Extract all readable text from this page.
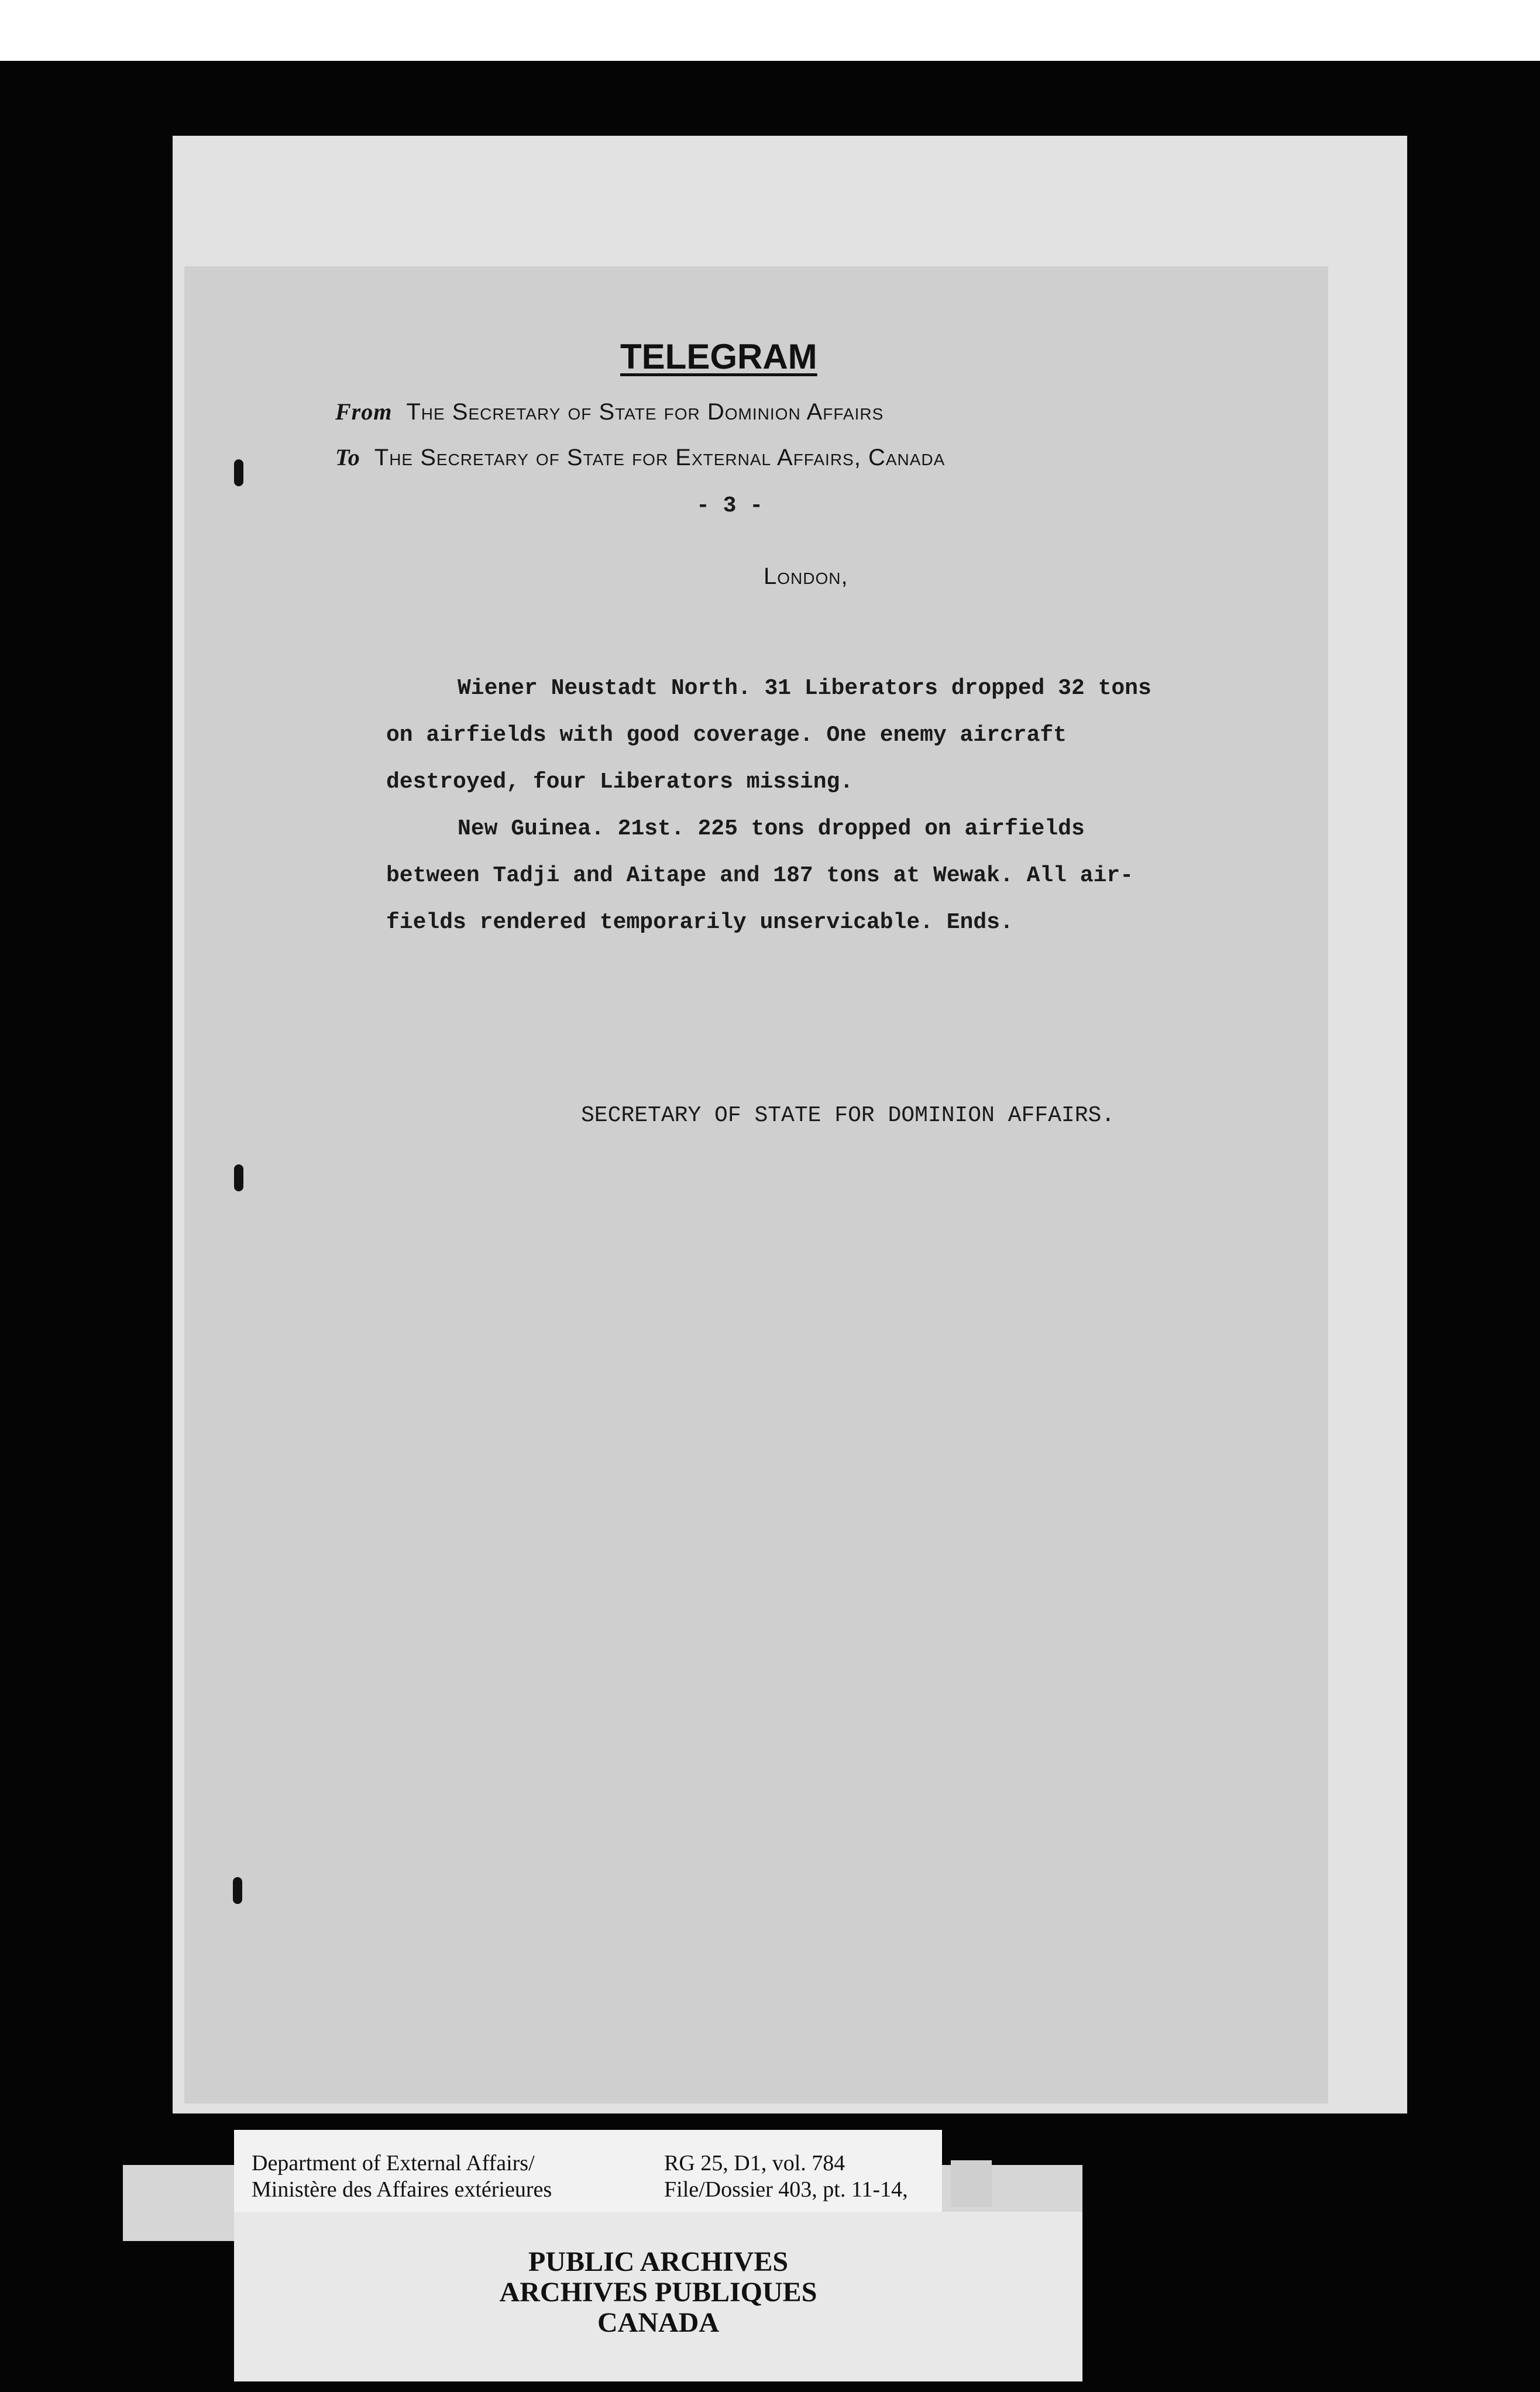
TELEGRAM
From The Secretary of State for Dominion Affairs
To The Secretary of State for External Affairs, Canada
- 3 -
London,
Wiener Neustadt North. 31 Liberators dropped 32 tons
on airfields with good coverage. One enemy aircraft
destroyed, four Liberators missing.
New Guinea. 21st. 225 tons dropped on airfields
between Tadji and Aitape and 187 tons at Wewak. All air-
fields rendered temporarily unservicable. Ends.
SECRETARY OF STATE FOR DOMINION AFFAIRS.
Department of External Affairs/
Ministère des Affaires extérieures
RG 25, D1, vol. 784
File/Dossier 403, pt. 11-14,
PUBLIC ARCHIVES
ARCHIVES PUBLIQUES
CANADA
